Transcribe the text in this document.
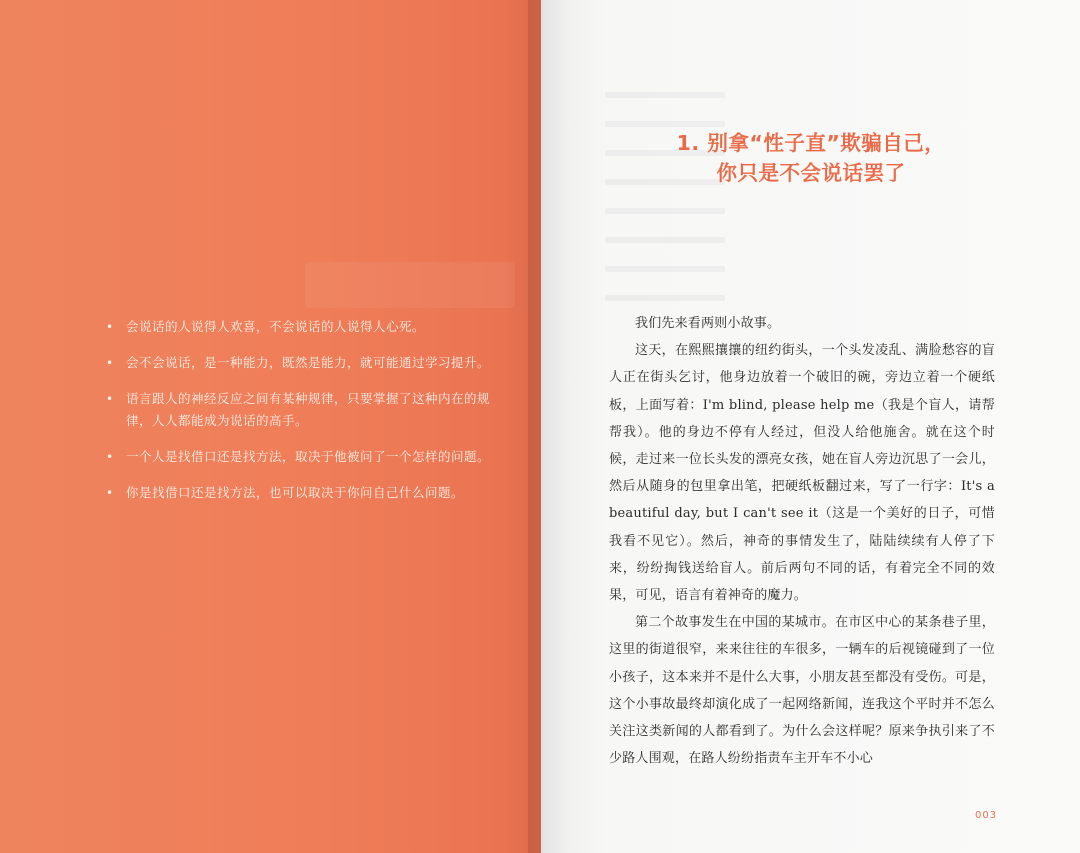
• 会说话的人说得人欢喜，不会说话的人说得人心死。
• 会不会说话，是一种能力，既然是能力，就可能通过学习提升。
• 语言跟人的神经反应之间有某种规律，只要掌握了这种内在的规律，人人都能成为说话的高手。
• 一个人是找借口还是找方法，取决于他被问了一个怎样的问题。
• 你是找借口还是找方法，也可以取决于你问自己什么问题。
1. 别拿“性子直”欺骗自己，
你只是不会说话罢了

我们先来看两则小故事。

这天，在熙熙攘攘的纽约街头，一个头发凌乱、满脸愁容的盲人正在街头乞讨，他身边放着一个破旧的碗，旁边立着一个硬纸板，上面写着：I'm blind, please help me（我是个盲人，请帮帮我）。他的身边不停有人经过，但没人给他施舍。就在这个时候，走过来一位长头发的漂亮女孩，她在盲人旁边沉思了一会儿，然后从随身的包里拿出笔，把硬纸板翻过来，写了一行字：It's a beautiful day, but I can't see it（这是一个美好的日子，可惜我看不见它）。然后，神奇的事情发生了，陆陆续续有人停了下来，纷纷掏钱送给盲人。前后两句不同的话，有着完全不同的效果，可见，语言有着神奇的魔力。

第二个故事发生在中国的某城市。在市区中心的某条巷子里，这里的街道很窄，来来往往的车很多，一辆车的后视镜碰到了一位小孩子，这本来并不是什么大事，小朋友甚至都没有受伤。可是，这个小事故最终却演化成了一起网络新闻，连我这个平时并不怎么关注这类新闻的人都看到了。为什么会这样呢？原来争执引来了不少路人围观，在路人纷纷指责车主开车不小心

003
